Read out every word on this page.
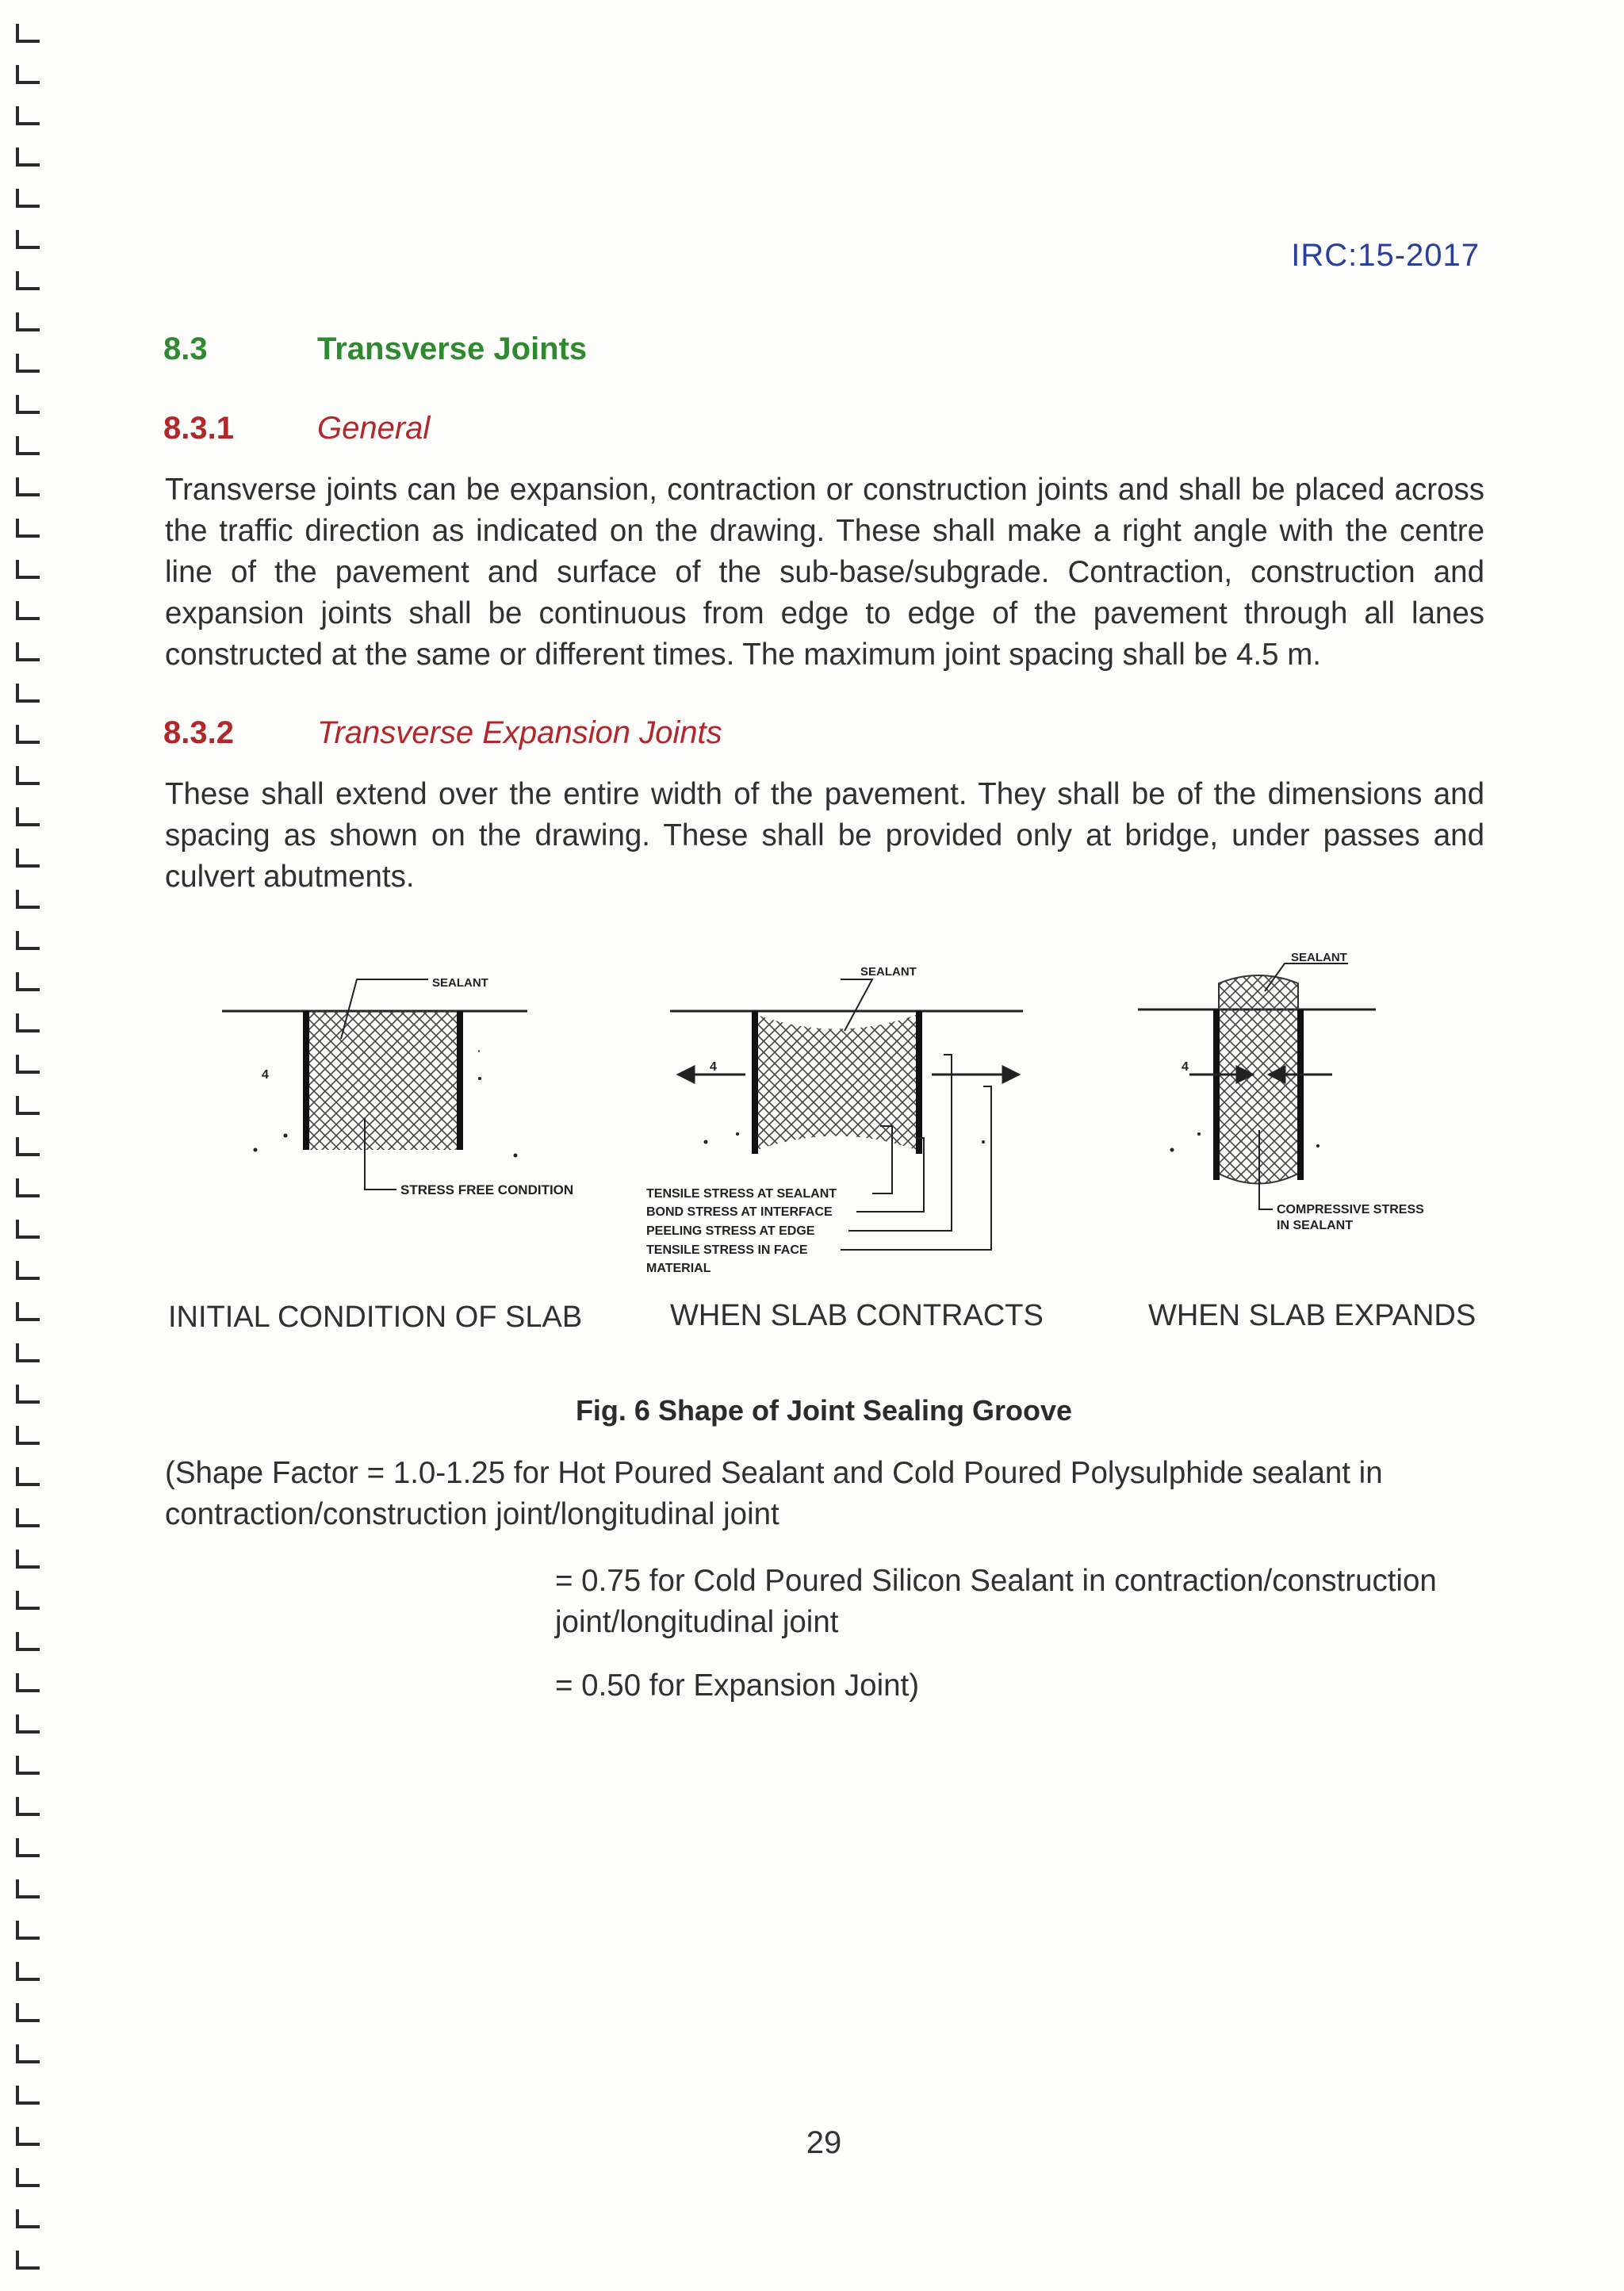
IRC:15-2017
8.3	Transverse Joints
8.3.1	General
Transverse joints can be expansion, contraction or construction joints and shall be placed across the traffic direction as indicated on the drawing. These shall make a right angle with the centre line of the pavement and surface of the sub-base/subgrade. Contraction, construction and expansion joints shall be continuous from edge to edge of the pavement through all lanes constructed at the same or different times. The maximum joint spacing shall be 4.5 m.
8.3.2	Transverse Expansion Joints
These shall extend over the entire width of the pavement. They shall be of the dimensions and spacing as shown on the drawing. These shall be provided only at bridge, under passes and culvert abutments.
SEALANT
STRESS FREE CONDITION
4
·
SEALANT
4
TENSILE STRESS AT SEALANT
BOND STRESS AT INTERFACE
PEELING STRESS AT EDGE
TENSILE STRESS IN FACE
MATERIAL
SEALANT
COMPRESSIVE STRESS
IN SEALANT
4
INITIAL CONDITION OF SLAB	WHEN SLAB CONTRACTS	WHEN SLAB EXPANDS
Fig. 6 Shape of Joint Sealing Groove
(Shape Factor = 1.0-1.25 for Hot Poured Sealant and Cold Poured Polysulphide sealant in contraction/construction joint/longitudinal joint
= 0.75 for Cold Poured Silicon Sealant in contraction/construction joint/longitudinal joint
= 0.50 for Expansion Joint)
29
